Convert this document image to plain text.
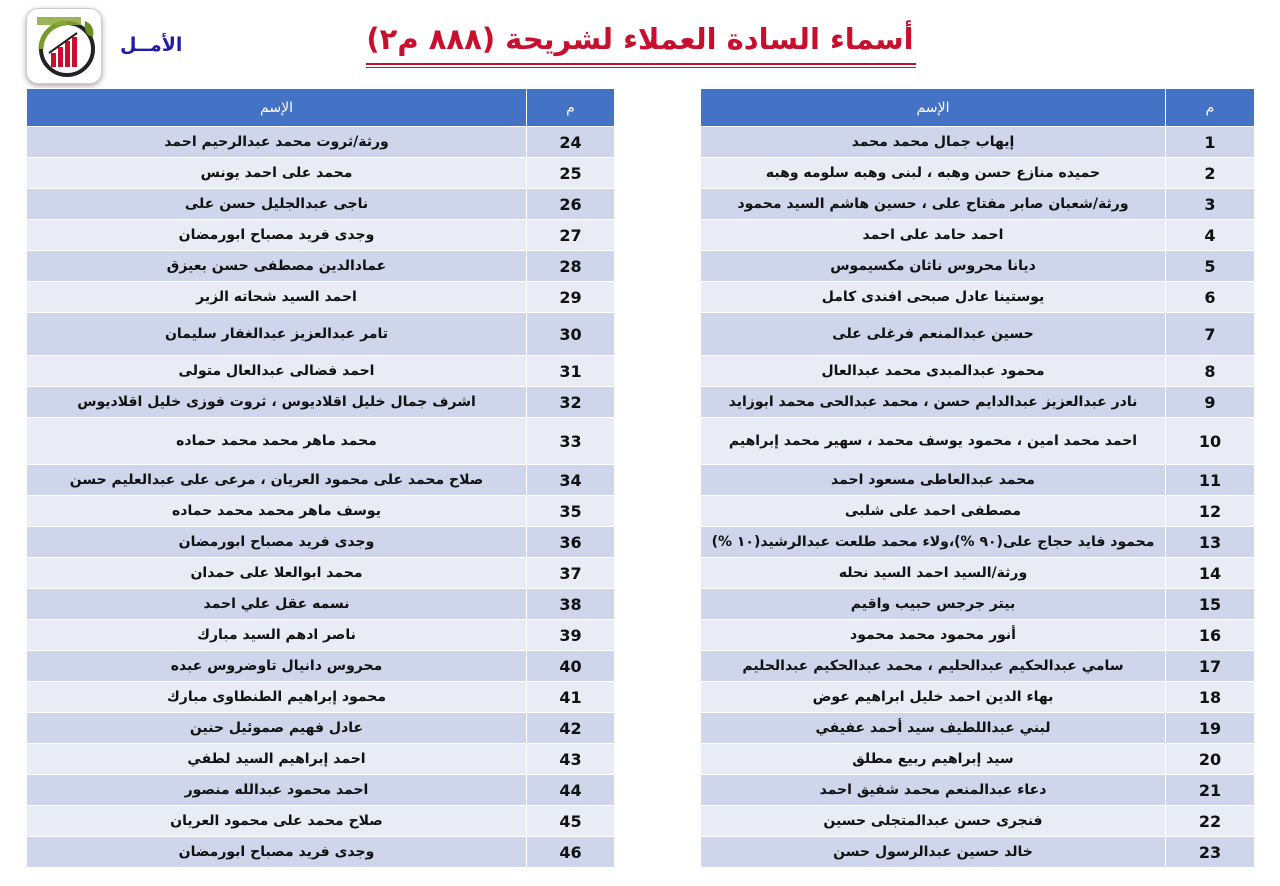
الأمــل	أسماء السادة العملاء لشريحة (٨٨٨ م٢)
الإسم	م
إيهاب جمال محمد محمد	1
حميده منازع حسن وهبه ، لبنى وهبه سلومه وهبه	2
ورثة/شعبان صابر مفتاح على ، حسين هاشم السيد محمود	3
احمد حامد على احمد	4
ديانا محروس ناثان مكسيموس	5
يوستينا عادل صبحى افندى كامل	6
حسين عبدالمنعم فرغلى على	7
محمود عبدالمبدى محمد عبدالعال	8
نادر عبدالعزيز عبدالدايم حسن ، محمد عبدالحى محمد ابوزايد	9
احمد محمد امين ، محمود يوسف محمد ، سهير محمد إبراهيم	10
محمد عبدالعاطى مسعود احمد	11
مصطفى احمد على شلبى	12
محمود فايد حجاج على(٩٠ %)،ولاء محمد طلعت عبدالرشيد(١٠ %)	13
ورثة/السيد احمد السيد نحله	14
بيتر جرجس حبيب واقيم	15
أنور محمود محمد محمود	16
سامي عبدالحكيم عبدالحليم ، محمد عبدالحكيم عبدالحليم	17
بهاء الدين احمد خليل ابراهيم عوض	18
لبني عبداللطيف سيد أحمد عفيفي	19
سيد إبراهيم ربيع مطلق	20
دعاء عبدالمنعم محمد شفيق احمد	21
فنجرى حسن عبدالمتجلى حسين	22
خالد حسين عبدالرسول حسن	23
الإسم	م
ورثة/ثروت محمد عبدالرحيم احمد	24
محمد على احمد يونس	25
ناجى عبدالجليل حسن على	26
وجدى فريد مصباح ابورمضان	27
عمادالدين مصطفى حسن بعيزق	28
احمد السيد شحاته الزير	29
تامر عبدالعزيز عبدالغفار سليمان	30
احمد فضالى عبدالعال متولى	31
اشرف جمال خليل اقلاديوس ، ثروت فوزى خليل اقلاديوس	32
محمد ماهر محمد محمد حماده	33
صلاح محمد على محمود العريان ، مرعى على عبدالعليم حسن	34
يوسف ماهر محمد محمد حماده	35
وجدى فريد مصباح ابورمضان	36
محمد ابوالعلا على حمدان	37
نسمه عقل علي احمد	38
ناصر ادهم السيد مبارك	39
محروس دانيال تاوضروس عبده	40
محمود إبراهيم الطنطاوى مبارك	41
عادل فهيم صموئيل حنين	42
احمد إبراهيم السيد لطفي	43
احمد محمود عبدالله منصور	44
صلاح محمد على محمود العريان	45
وجدى فريد مصباح ابورمضان	46
